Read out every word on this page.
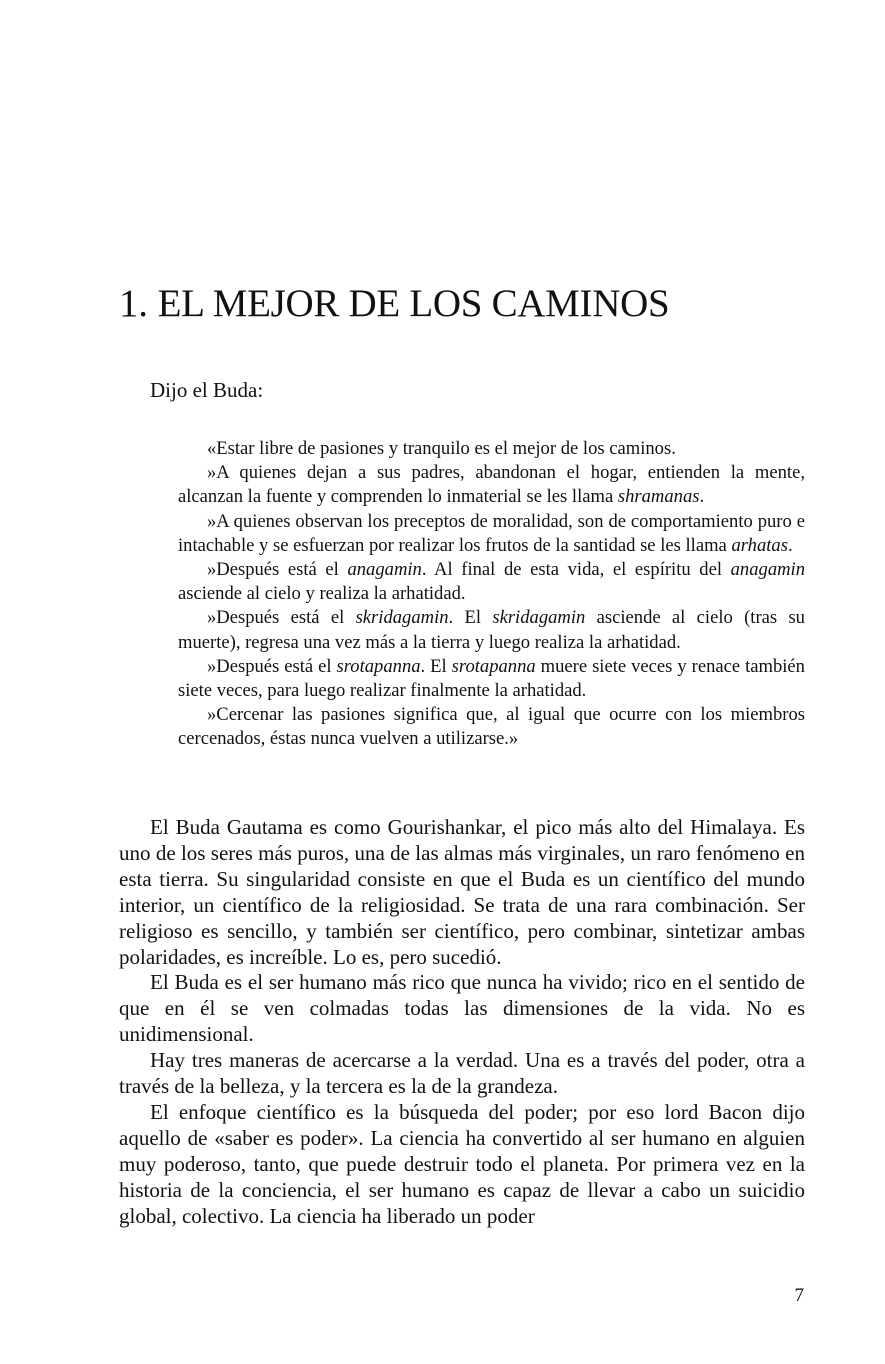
1. EL MEJOR DE LOS CAMINOS

Dijo el Buda:

«Estar libre de pasiones y tranquilo es el mejor de los caminos.

»A quienes dejan a sus padres, abandonan el hogar, entienden la mente, alcanzan la fuente y comprenden lo inmaterial se les llama shramanas.

»A quienes observan los preceptos de moralidad, son de comportamiento puro e intachable y se esfuerzan por realizar los frutos de la santidad se les llama arhatas.

»Después está el anagamin. Al final de esta vida, el espíritu del anagamin asciende al cielo y realiza la arhatidad.

»Después está el skridagamin. El skridagamin asciende al cielo (tras su muerte), regresa una vez más a la tierra y luego realiza la arhatidad.

»Después está el srotapanna. El srotapanna muere siete veces y renace también siete veces, para luego realizar finalmente la arhatidad.

»Cercenar las pasiones significa que, al igual que ocurre con los miembros cercenados, éstas nunca vuelven a utilizarse.»

El Buda Gautama es como Gourishankar, el pico más alto del Himalaya. Es uno de los seres más puros, una de las almas más virginales, un raro fenómeno en esta tierra. Su singularidad consiste en que el Buda es un científico del mundo interior, un científico de la religiosidad. Se trata de una rara combinación. Ser religioso es sencillo, y también ser científico, pero combinar, sintetizar ambas polaridades, es increíble. Lo es, pero sucedió.

El Buda es el ser humano más rico que nunca ha vivido; rico en el sentido de que en él se ven colmadas todas las dimensiones de la vida. No es unidimensional.

Hay tres maneras de acercarse a la verdad. Una es a través del poder, otra a través de la belleza, y la tercera es la de la grandeza.

El enfoque científico es la búsqueda del poder; por eso lord Bacon dijo aquello de «saber es poder». La ciencia ha convertido al ser humano en alguien muy poderoso, tanto, que puede destruir todo el planeta. Por primera vez en la historia de la conciencia, el ser humano es capaz de llevar a cabo un suicidio global, colectivo. La ciencia ha liberado un poder

7
